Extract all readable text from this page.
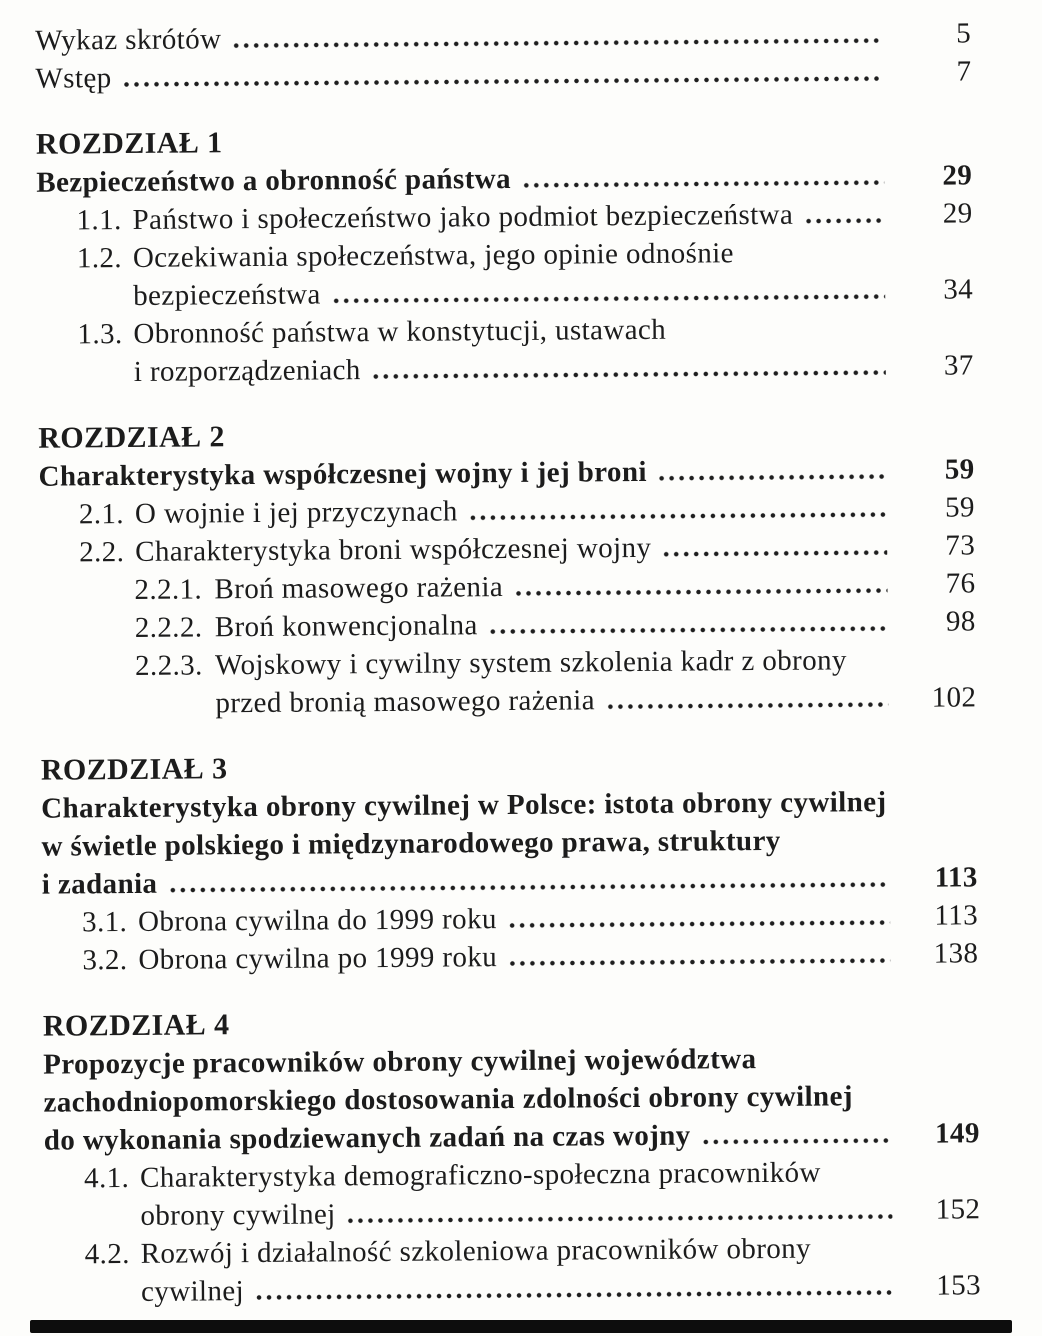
Wykaz skrótów	5
Wstęp	7
ROZDZIAŁ 1
Bezpieczeństwo a obronność państwa	29
1.1. Państwo i społeczeństwo jako podmiot bezpieczeństwa	29
1.2. Oczekiwania społeczeństwa, jego opinie odnośnie
bezpieczeństwa	34
1.3. Obronność państwa w konstytucji, ustawach
i rozporządzeniach	37
ROZDZIAŁ 2
Charakterystyka współczesnej wojny i jej broni	59
2.1. O wojnie i jej przyczynach	59
2.2. Charakterystyka broni współczesnej wojny	73
2.2.1. Broń masowego rażenia	76
2.2.2. Broń konwencjonalna	98
2.2.3. Wojskowy i cywilny system szkolenia kadr z obrony
przed bronią masowego rażenia	102
ROZDZIAŁ 3
Charakterystyka obrony cywilnej w Polsce: istota obrony cywilnej
w świetle polskiego i międzynarodowego prawa, struktury
i zadania	113
3.1. Obrona cywilna do 1999 roku	113
3.2. Obrona cywilna po 1999 roku	138
ROZDZIAŁ 4
Propozycje pracowników obrony cywilnej województwa
zachodniopomorskiego dostosowania zdolności obrony cywilnej
do wykonania spodziewanych zadań na czas wojny	149
4.1. Charakterystyka demograficzno-społeczna pracowników
obrony cywilnej	152
4.2. Rozwój i działalność szkoleniowa pracowników obrony
cywilnej	153
